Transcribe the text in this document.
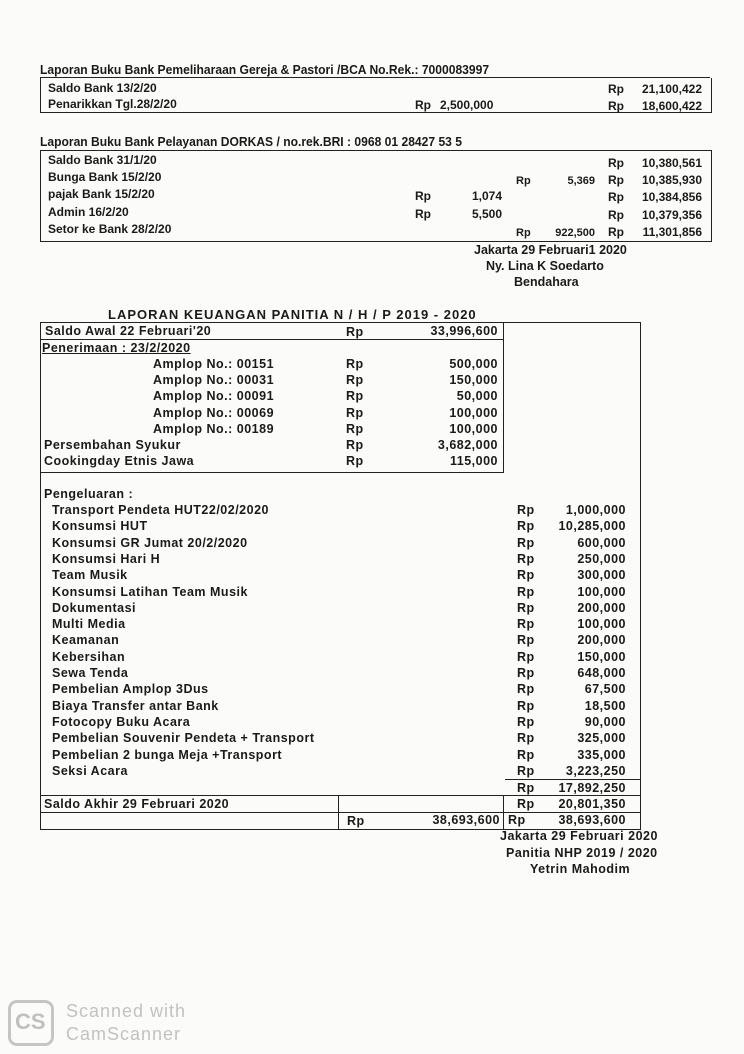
Laporan Buku Bank Pemeliharaan Gereja & Pastori /BCA No.Rek.: 7000083997
Saldo Bank 13/2/20	Rp	21,100,422
Penarikkan Tgl.28/2/20	Rp 2,500,000	Rp	18,600,422
Laporan Buku Bank Pelayanan DORKAS / no.rek.BRI : 0968 01 28427 53 5
Saldo Bank 31/1/20	Rp	10,380,561
Bunga Bank 15/2/20	Rp	5,369 Rp	10,385,930
pajak Bank 15/2/20	Rp	1,074	Rp	10,384,856
Admin 16/2/20	Rp	5,500	Rp	10,379,356
Setor ke Bank 28/2/20	Rp	922,500 Rp	11,301,856
Jakarta 29 Februari1 2020
Ny. Lina K Soedarto
Bendahara
LAPORAN KEUANGAN PANITIA N / H / P 2019 - 2020
Saldo Awal 22 Februari'20	Rp	33,996,600
Penerimaan : 23/2/2020
Amplop No.: 00151	Rp	500,000
Amplop No.: 00031	Rp	150,000
Amplop No.: 00091	Rp	50,000
Amplop No.: 00069	Rp	100,000
Amplop No.: 00189	Rp	100,000
Persembahan Syukur	Rp	3,682,000
Cookingday Etnis Jawa	Rp	115,000
Pengeluaran :
Transport Pendeta HUT22/02/2020	Rp	1,000,000
Konsumsi HUT	Rp	10,285,000
Konsumsi GR Jumat 20/2/2020	Rp	600,000
Konsumsi Hari H	Rp	250,000
Team Musik	Rp	300,000
Konsumsi Latihan Team Musik	Rp	100,000
Dokumentasi	Rp	200,000
Multi Media	Rp	100,000
Keamanan	Rp	200,000
Kebersihan	Rp	150,000
Sewa Tenda	Rp	648,000
Pembelian Amplop 3Dus	Rp	67,500
Biaya Transfer antar Bank	Rp	18,500
Fotocopy Buku Acara	Rp	90,000
Pembelian Souvenir Pendeta + Transport	Rp	325,000
Pembelian 2 bunga Meja +Transport	Rp	335,000
Seksi Acara	Rp	3,223,250
Rp	17,892,250
Saldo Akhir 29 Februari 2020	Rp	20,801,350
Rp	38,693,600 Rp	38,693,600
Jakarta 29 Februari 2020
Panitia NHP 2019 / 2020
Yetrin Mahodim
CS Scanned with
CamScanner
